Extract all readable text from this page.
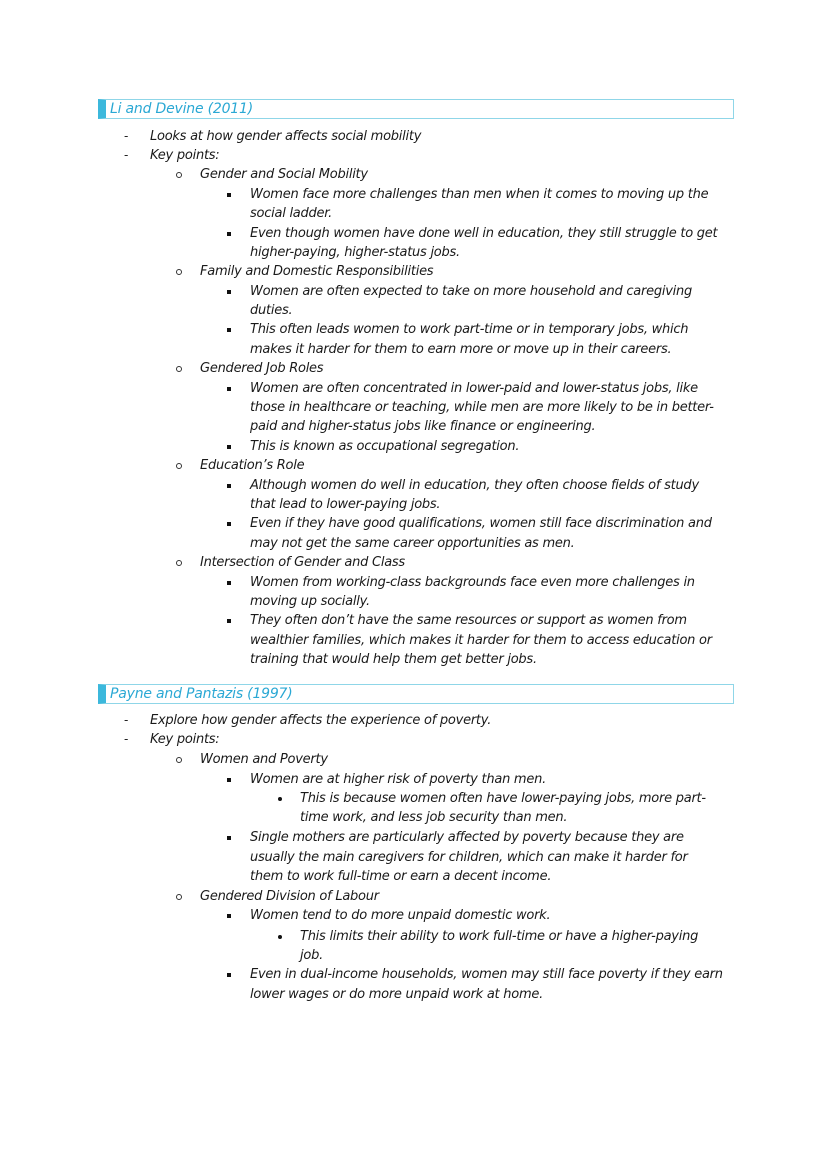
Li and Devine (2011)
- Looks at how gender affects social mobility
- Key points:
Gender and Social Mobility
Women face more challenges than men when it comes to moving up the
social ladder.
Even though women have done well in education, they still struggle to get
higher-paying, higher-status jobs.
Family and Domestic Responsibilities
Women are often expected to take on more household and caregiving
duties.
This often leads women to work part-time or in temporary jobs, which
makes it harder for them to earn more or move up in their careers.
Gendered Job Roles
Women are often concentrated in lower-paid and lower-status jobs, like
those in healthcare or teaching, while men are more likely to be in better-
paid and higher-status jobs like finance or engineering.
This is known as occupational segregation.
Education’s Role
Although women do well in education, they often choose fields of study
that lead to lower-paying jobs.
Even if they have good qualifications, women still face discrimination and
may not get the same career opportunities as men.
Intersection of Gender and Class
Women from working-class backgrounds face even more challenges in
moving up socially.
They often don’t have the same resources or support as women from
wealthier families, which makes it harder for them to access education or
training that would help them get better jobs.
Payne and Pantazis (1997)
- Explore how gender affects the experience of poverty.
- Key points:
Women and Poverty
Women are at higher risk of poverty than men.
This is because women often have lower-paying jobs, more part-
time work, and less job security than men.
Single mothers are particularly affected by poverty because they are
usually the main caregivers for children, which can make it harder for
them to work full-time or earn a decent income.
Gendered Division of Labour
Women tend to do more unpaid domestic work.
This limits their ability to work full-time or have a higher-paying
job.
Even in dual-income households, women may still face poverty if they earn
lower wages or do more unpaid work at home.
